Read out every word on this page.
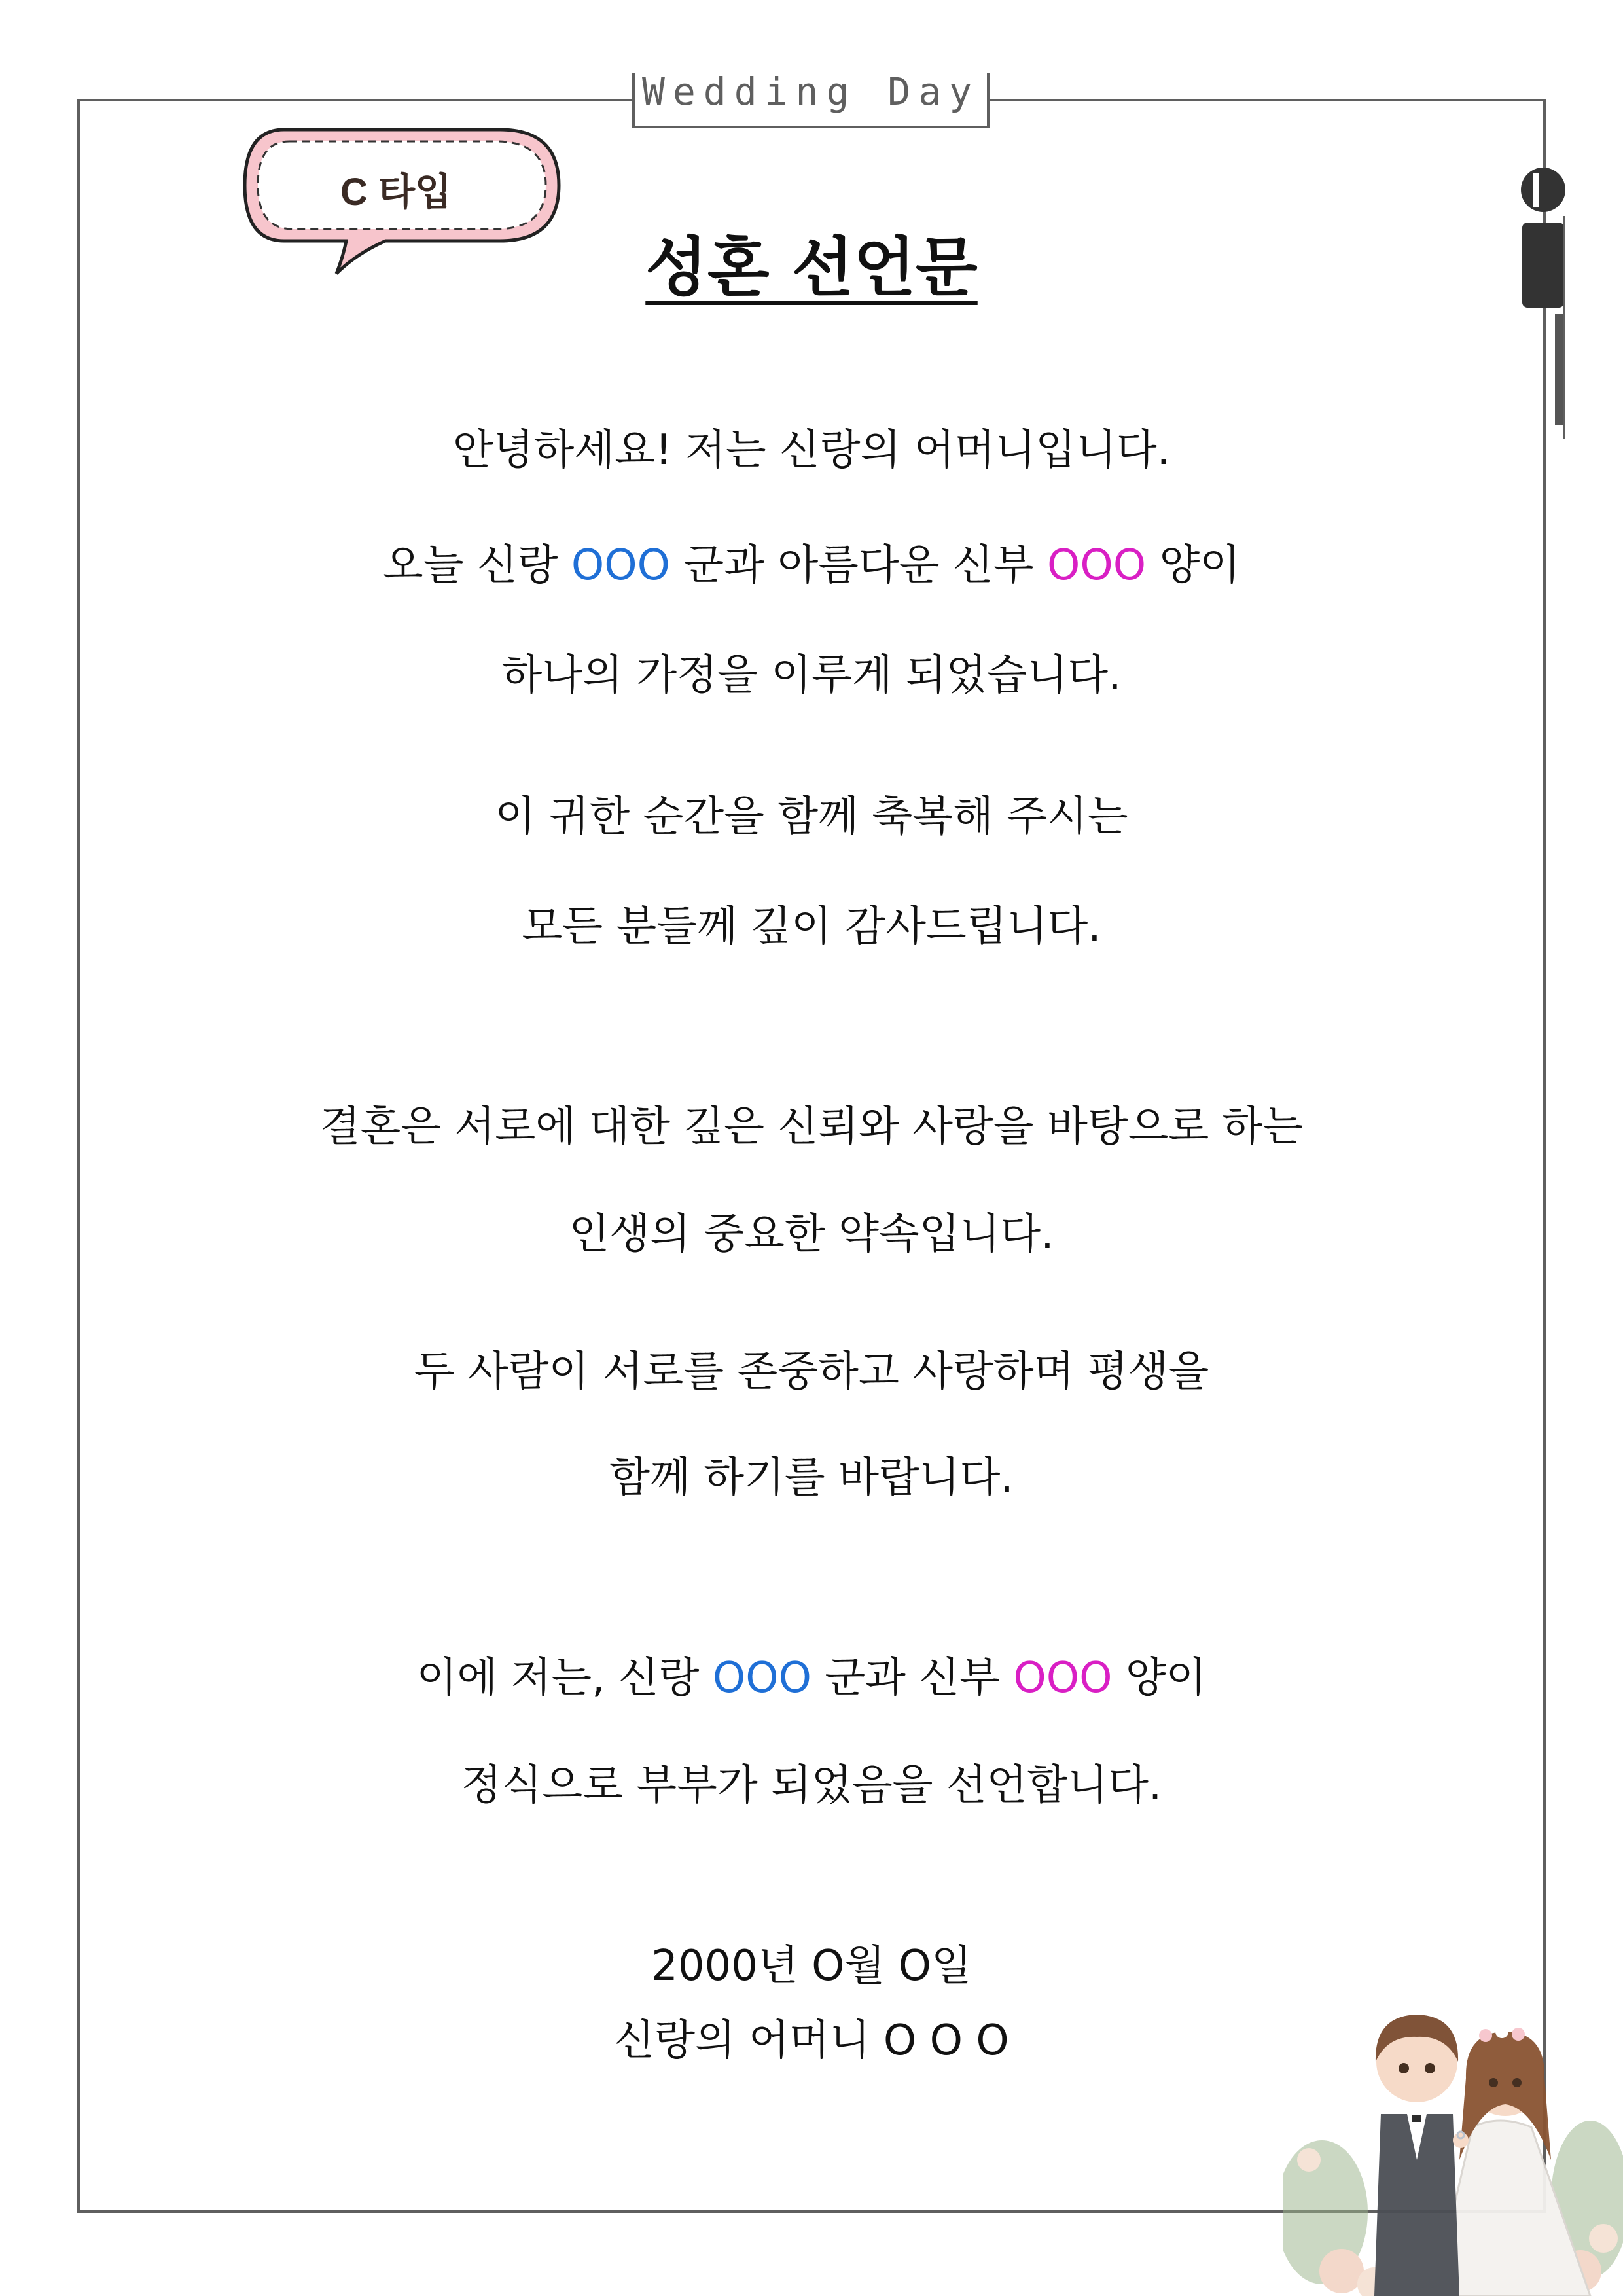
Wedding Day
C 타입
성혼 선언문
안녕하세요! 저는 신랑의 어머니입니다.
오늘 신랑 OOO 군과 아름다운 신부 OOO 양이
하나의 가정을 이루게 되었습니다.
이 귀한 순간을 함께 축복해 주시는
모든 분들께 깊이 감사드립니다.
결혼은 서로에 대한 깊은 신뢰와 사랑을 바탕으로 하는
인생의 중요한 약속입니다.
두 사람이 서로를 존중하고 사랑하며 평생을
함께 하기를 바랍니다.
이에 저는, 신랑 OOO 군과 신부 OOO 양이
정식으로 부부가 되었음을 선언합니다.
2000년 O월 O일
신랑의 어머니 O O O
